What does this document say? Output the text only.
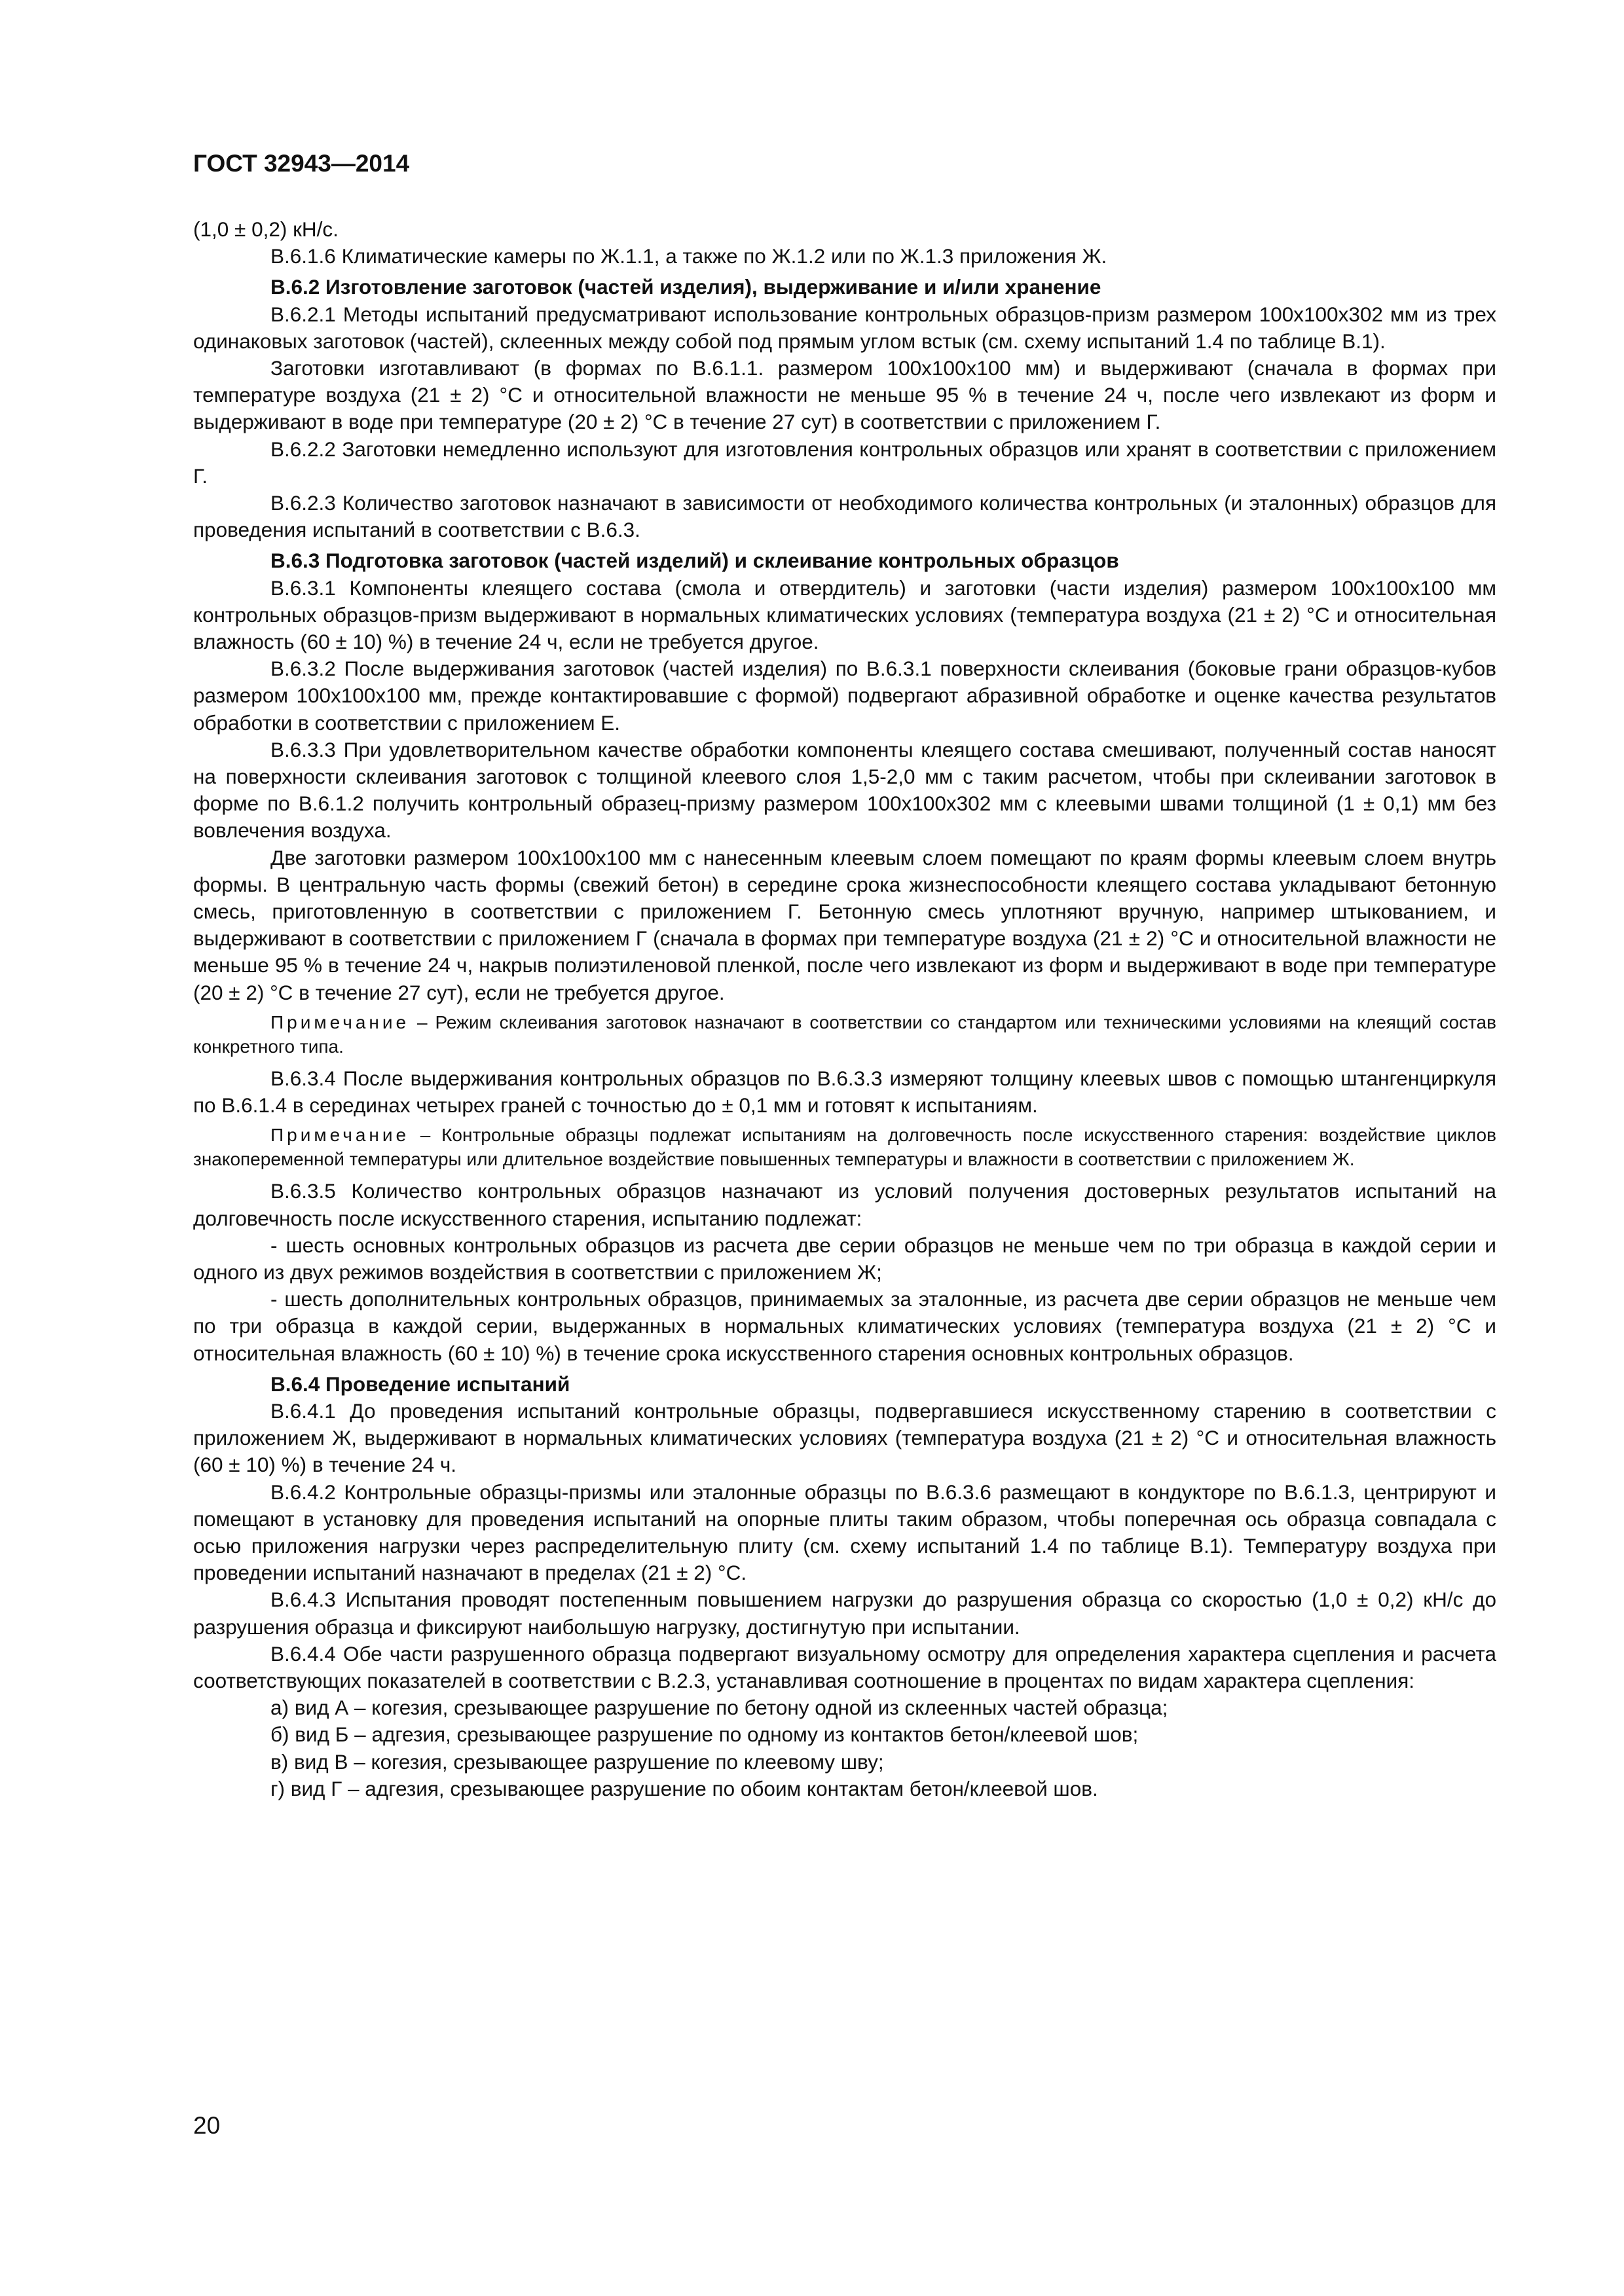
ГОСТ 32943—2014

(1,0 ± 0,2) кН/с.

В.6.1.6 Климатические камеры по Ж.1.1, а также по Ж.1.2 или по Ж.1.3 приложения Ж.

В.6.2 Изготовление заготовок (частей изделия), выдерживание и и/или хранение

В.6.2.1 Методы испытаний предусматривают использование контрольных образцов-призм размером 100x100x302 мм из трех одинаковых заготовок (частей), склеенных между собой под прямым углом встык (см. схему испытаний 1.4 по таблице В.1).

Заготовки изготавливают (в формах по В.6.1.1. размером 100x100x100 мм) и выдерживают (сначала в формах при температуре воздуха (21 ± 2) °С и относительной влажности не меньше 95 % в течение 24 ч, после чего извлекают из форм и выдерживают в воде при температуре (20 ± 2) °С в течение 27 сут) в соответствии с приложением Г.

В.6.2.2 Заготовки немедленно используют для изготовления контрольных образцов или хранят в соответствии с приложением Г.

В.6.2.3 Количество заготовок назначают в зависимости от необходимого количества контрольных (и эталонных) образцов для проведения испытаний в соответствии с В.6.3.

В.6.3 Подготовка заготовок (частей изделий) и склеивание контрольных образцов

В.6.3.1 Компоненты клеящего состава (смола и отвердитель) и заготовки (части изделия) размером 100x100x100 мм контрольных образцов-призм выдерживают в нормальных климатических условиях (температура воздуха (21 ± 2) °С и относительная влажность (60 ± 10) %) в течение 24 ч, если не требуется другое.

В.6.3.2 После выдерживания заготовок (частей изделия) по В.6.3.1 поверхности склеивания (боковые грани образцов-кубов размером 100x100x100 мм, прежде контактировавшие с формой) подвергают абразивной обработке и оценке качества результатов обработки в соответствии с приложением Е.

В.6.3.3 При удовлетворительном качестве обработки компоненты клеящего состава смешивают, полученный состав наносят на поверхности склеивания заготовок с толщиной клеевого слоя 1,5-2,0 мм с таким расчетом, чтобы при склеивании заготовок в форме по В.6.1.2 получить контрольный образец-призму размером 100x100x302 мм с клеевыми швами толщиной (1 ± 0,1) мм без вовлечения воздуха.

Две заготовки размером 100x100x100 мм с нанесенным клеевым слоем помещают по краям формы клеевым слоем внутрь формы. В центральную часть формы (свежий бетон) в середине срока жизнеспособности клеящего состава укладывают бетонную смесь, приготовленную в соответствии с приложением Г. Бетонную смесь уплотняют вручную, например штыкованием, и выдерживают в соответствии с приложением Г (сначала в формах при температуре воздуха (21 ± 2) °С и относительной влажности не меньше 95 % в течение 24 ч, накрыв полиэтиленовой пленкой, после чего извлекают из форм и выдерживают в воде при температуре (20 ± 2) °С в течение 27 сут), если не требуется другое.

Примечание – Режим склеивания заготовок назначают в соответствии со стандартом или техническими условиями на клеящий состав конкретного типа.

В.6.3.4 После выдерживания контрольных образцов по В.6.3.3 измеряют толщину клеевых швов с помощью штангенциркуля по В.6.1.4 в серединах четырех граней с точностью до ± 0,1 мм и готовят к испытаниям.

Примечание – Контрольные образцы подлежат испытаниям на долговечность после искусственного старения: воздействие циклов знакопеременной температуры или длительное воздействие повышенных температуры и влажности в соответствии с приложением Ж.

В.6.3.5 Количество контрольных образцов назначают из условий получения достоверных результатов испытаний на долговечность после искусственного старения, испытанию подлежат:

- шесть основных контрольных образцов из расчета две серии образцов не меньше чем по три образца в каждой серии и одного из двух режимов воздействия в соответствии с приложением Ж;

- шесть дополнительных контрольных образцов, принимаемых за эталонные, из расчета две серии образцов не меньше чем по три образца в каждой серии, выдержанных в нормальных климатических условиях (температура воздуха (21 ± 2) °С и относительная влажность (60 ± 10) %) в течение срока искусственного старения основных контрольных образцов.

В.6.4 Проведение испытаний

В.6.4.1 До проведения испытаний контрольные образцы, подвергавшиеся искусственному старению в соответствии с приложением Ж, выдерживают в нормальных климатических условиях (температура воздуха (21 ± 2) °С и относительная влажность (60 ± 10) %) в течение 24 ч.

В.6.4.2 Контрольные образцы-призмы или эталонные образцы по В.6.3.6 размещают в кондукторе по В.6.1.3, центрируют и помещают в установку для проведения испытаний на опорные плиты таким образом, чтобы поперечная ось образца совпадала с осью приложения нагрузки через распределительную плиту (см. схему испытаний 1.4 по таблице В.1). Температуру воздуха при проведении испытаний назначают в пределах (21 ± 2) °С.

В.6.4.3 Испытания проводят постепенным повышением нагрузки до разрушения образца со скоростью (1,0 ± 0,2) кН/с до разрушения образца и фиксируют наибольшую нагрузку, достигнутую при испытании.

В.6.4.4 Обе части разрушенного образца подвергают визуальному осмотру для определения характера сцепления и расчета соответствующих показателей в соответствии с В.2.3, устанавливая соотношение в процентах по видам характера сцепления:

а) вид А – когезия, срезывающее разрушение по бетону одной из склеенных частей образца;

б) вид Б – адгезия, срезывающее разрушение по одному из контактов бетон/клеевой шов;

в) вид В – когезия, срезывающее разрушение по клеевому шву;

г) вид Г – адгезия, срезывающее разрушение по обоим контактам бетон/клеевой шов.

20
